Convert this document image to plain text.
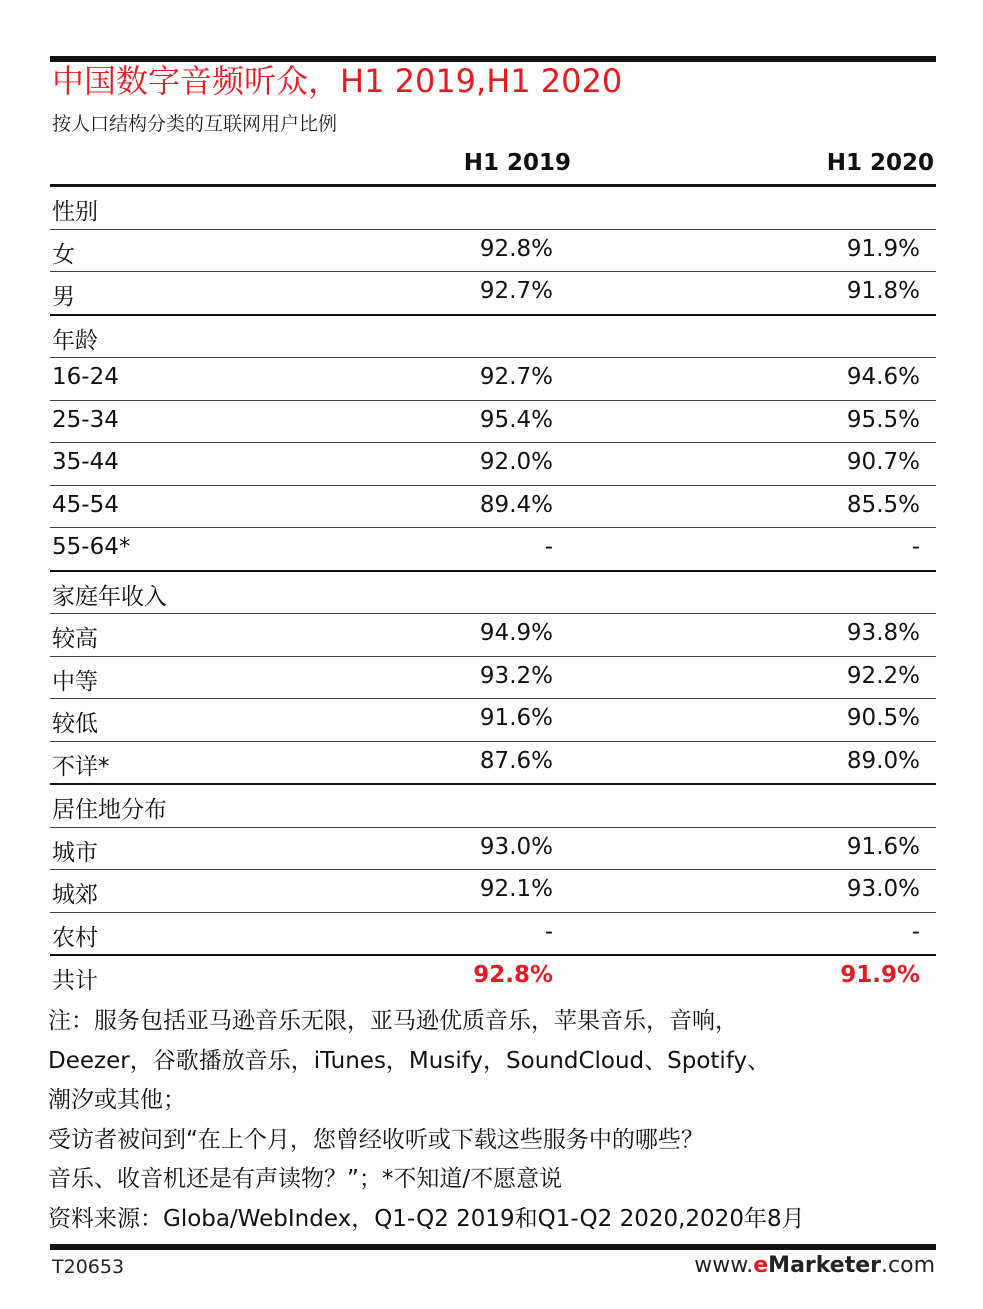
中国数字音频听众，H1 2019,H1 2020
按人口结构分类的互联网用户比例
H1 2019	H1 2020
性别
女	92.8%	91.9%
男	92.7%	91.8%
年龄
16-24	92.7%	94.6%
25-34	95.4%	95.5%
35-44	92.0%	90.7%
45-54	89.4%	85.5%
55-64*	-	-
家庭年收入
较高	94.9%	93.8%
中等	93.2%	92.2%
较低	91.6%	90.5%
不详*	87.6%	89.0%
居住地分布
城市	93.0%	91.6%
城郊	92.1%	93.0%
农村	-	-
共计	92.8%	91.9%
注：服务包括亚马逊音乐无限，亚马逊优质音乐，苹果音乐，音响，
Deezer，谷歌播放音乐，iTunes，Musify，SoundCloud、Spotify、
潮汐或其他；
受访者被问到“在上个月，您曾经收听或下载这些服务中的哪些？
音乐、收音机还是有声读物？”；*不知道/不愿意说
资料来源：Globa/WebIndex，Q1-Q2 2019和Q1-Q2 2020,2020年8月
T20653	www.eMarketer.com
